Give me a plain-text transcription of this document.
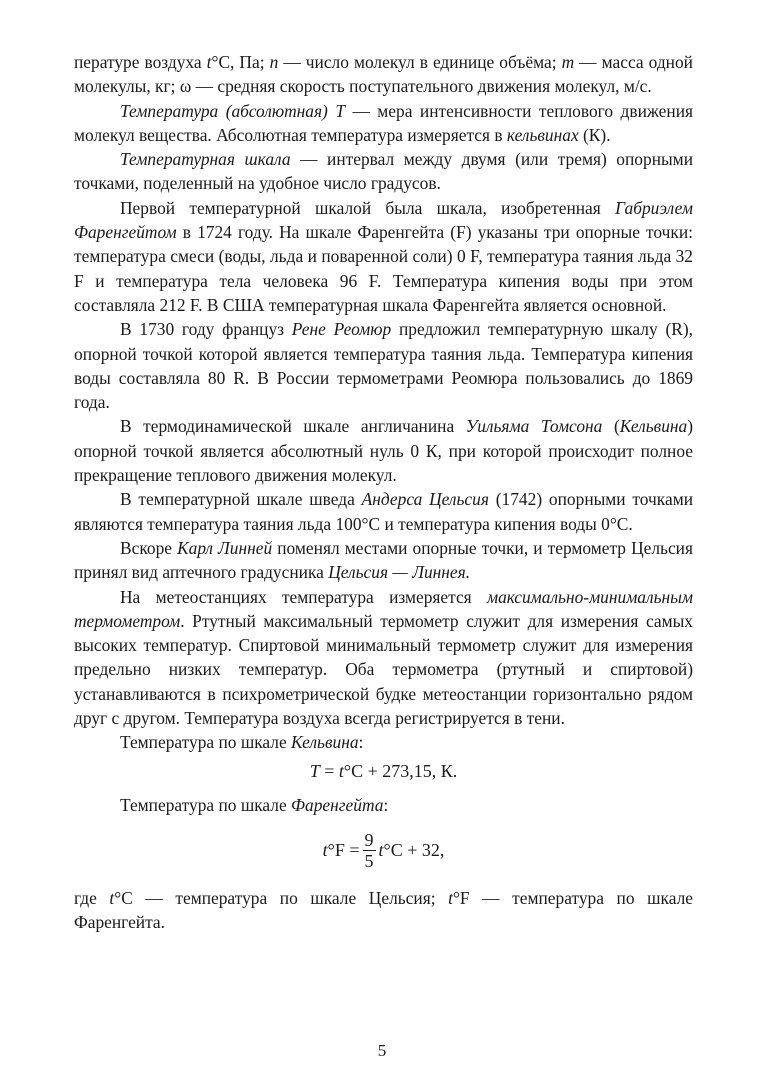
пературе воздуха t°С, Па; n — число молекул в единице объёма; т — масса одной молекулы, кг; ω — средняя скорость поступательного движения молекул, м/с.

Температура (абсолютная) Т — мера интенсивности теплового движения молекул вещества. Абсолютная температура измеряется в кельвинах (К).

Температурная шкала — интервал между двумя (или тремя) опорными точками, поделенный на удобное число градусов.

Первой температурной шкалой была шкала, изобретенная Габриэлем Фаренгейтом в 1724 году. На шкале Фаренгейта (F) указаны три опорные точки: температура смеси (воды, льда и поваренной соли) 0 F, температура таяния льда 32 F и температура тела человека 96 F. Температура кипения воды при этом составляла 212 F. В США температурная шкала Фаренгейта является основной.

В 1730 году француз Рене Реомюр предложил температурную шкалу (R), опорной точкой которой является температура таяния льда. Температура кипения воды составляла 80 R. В России термометрами Реомюра пользовались до 1869 года.

В термодинамической шкале англичанина Уильяма Томсона (Кельвина) опорной точкой является абсолютный нуль 0 К, при которой происходит полное прекращение теплового движения молекул.

В температурной шкале шведа Андерса Цельсия (1742) опорными точками являются температура таяния льда 100°С и температура кипения воды 0°С.

Вскоре Карл Линней поменял местами опорные точки, и термометр Цельсия принял вид аптечного градусника Цельсия — Линнея.

На метеостанциях температура измеряется максимально-минимальным термометром. Ртутный максимальный термометр служит для измерения самых высоких температур. Спиртовой минимальный термометр служит для измерения предельно низких температур. Оба термометра (ртутный и спиртовой) устанавливаются в психрометрической будке метеостанции горизонтально рядом друг с другом. Температура воздуха всегда регистрируется в тени.

Температура по шкале Кельвина:

Т = t°С + 273,15, К.

Температура по шкале Фаренгейта:

t $^\circ F = \frac{9}{5}$ t °С + 32,

где t°С — температура по шкале Цельсия; t°F — температура по шкале Фаренгейта.

5
